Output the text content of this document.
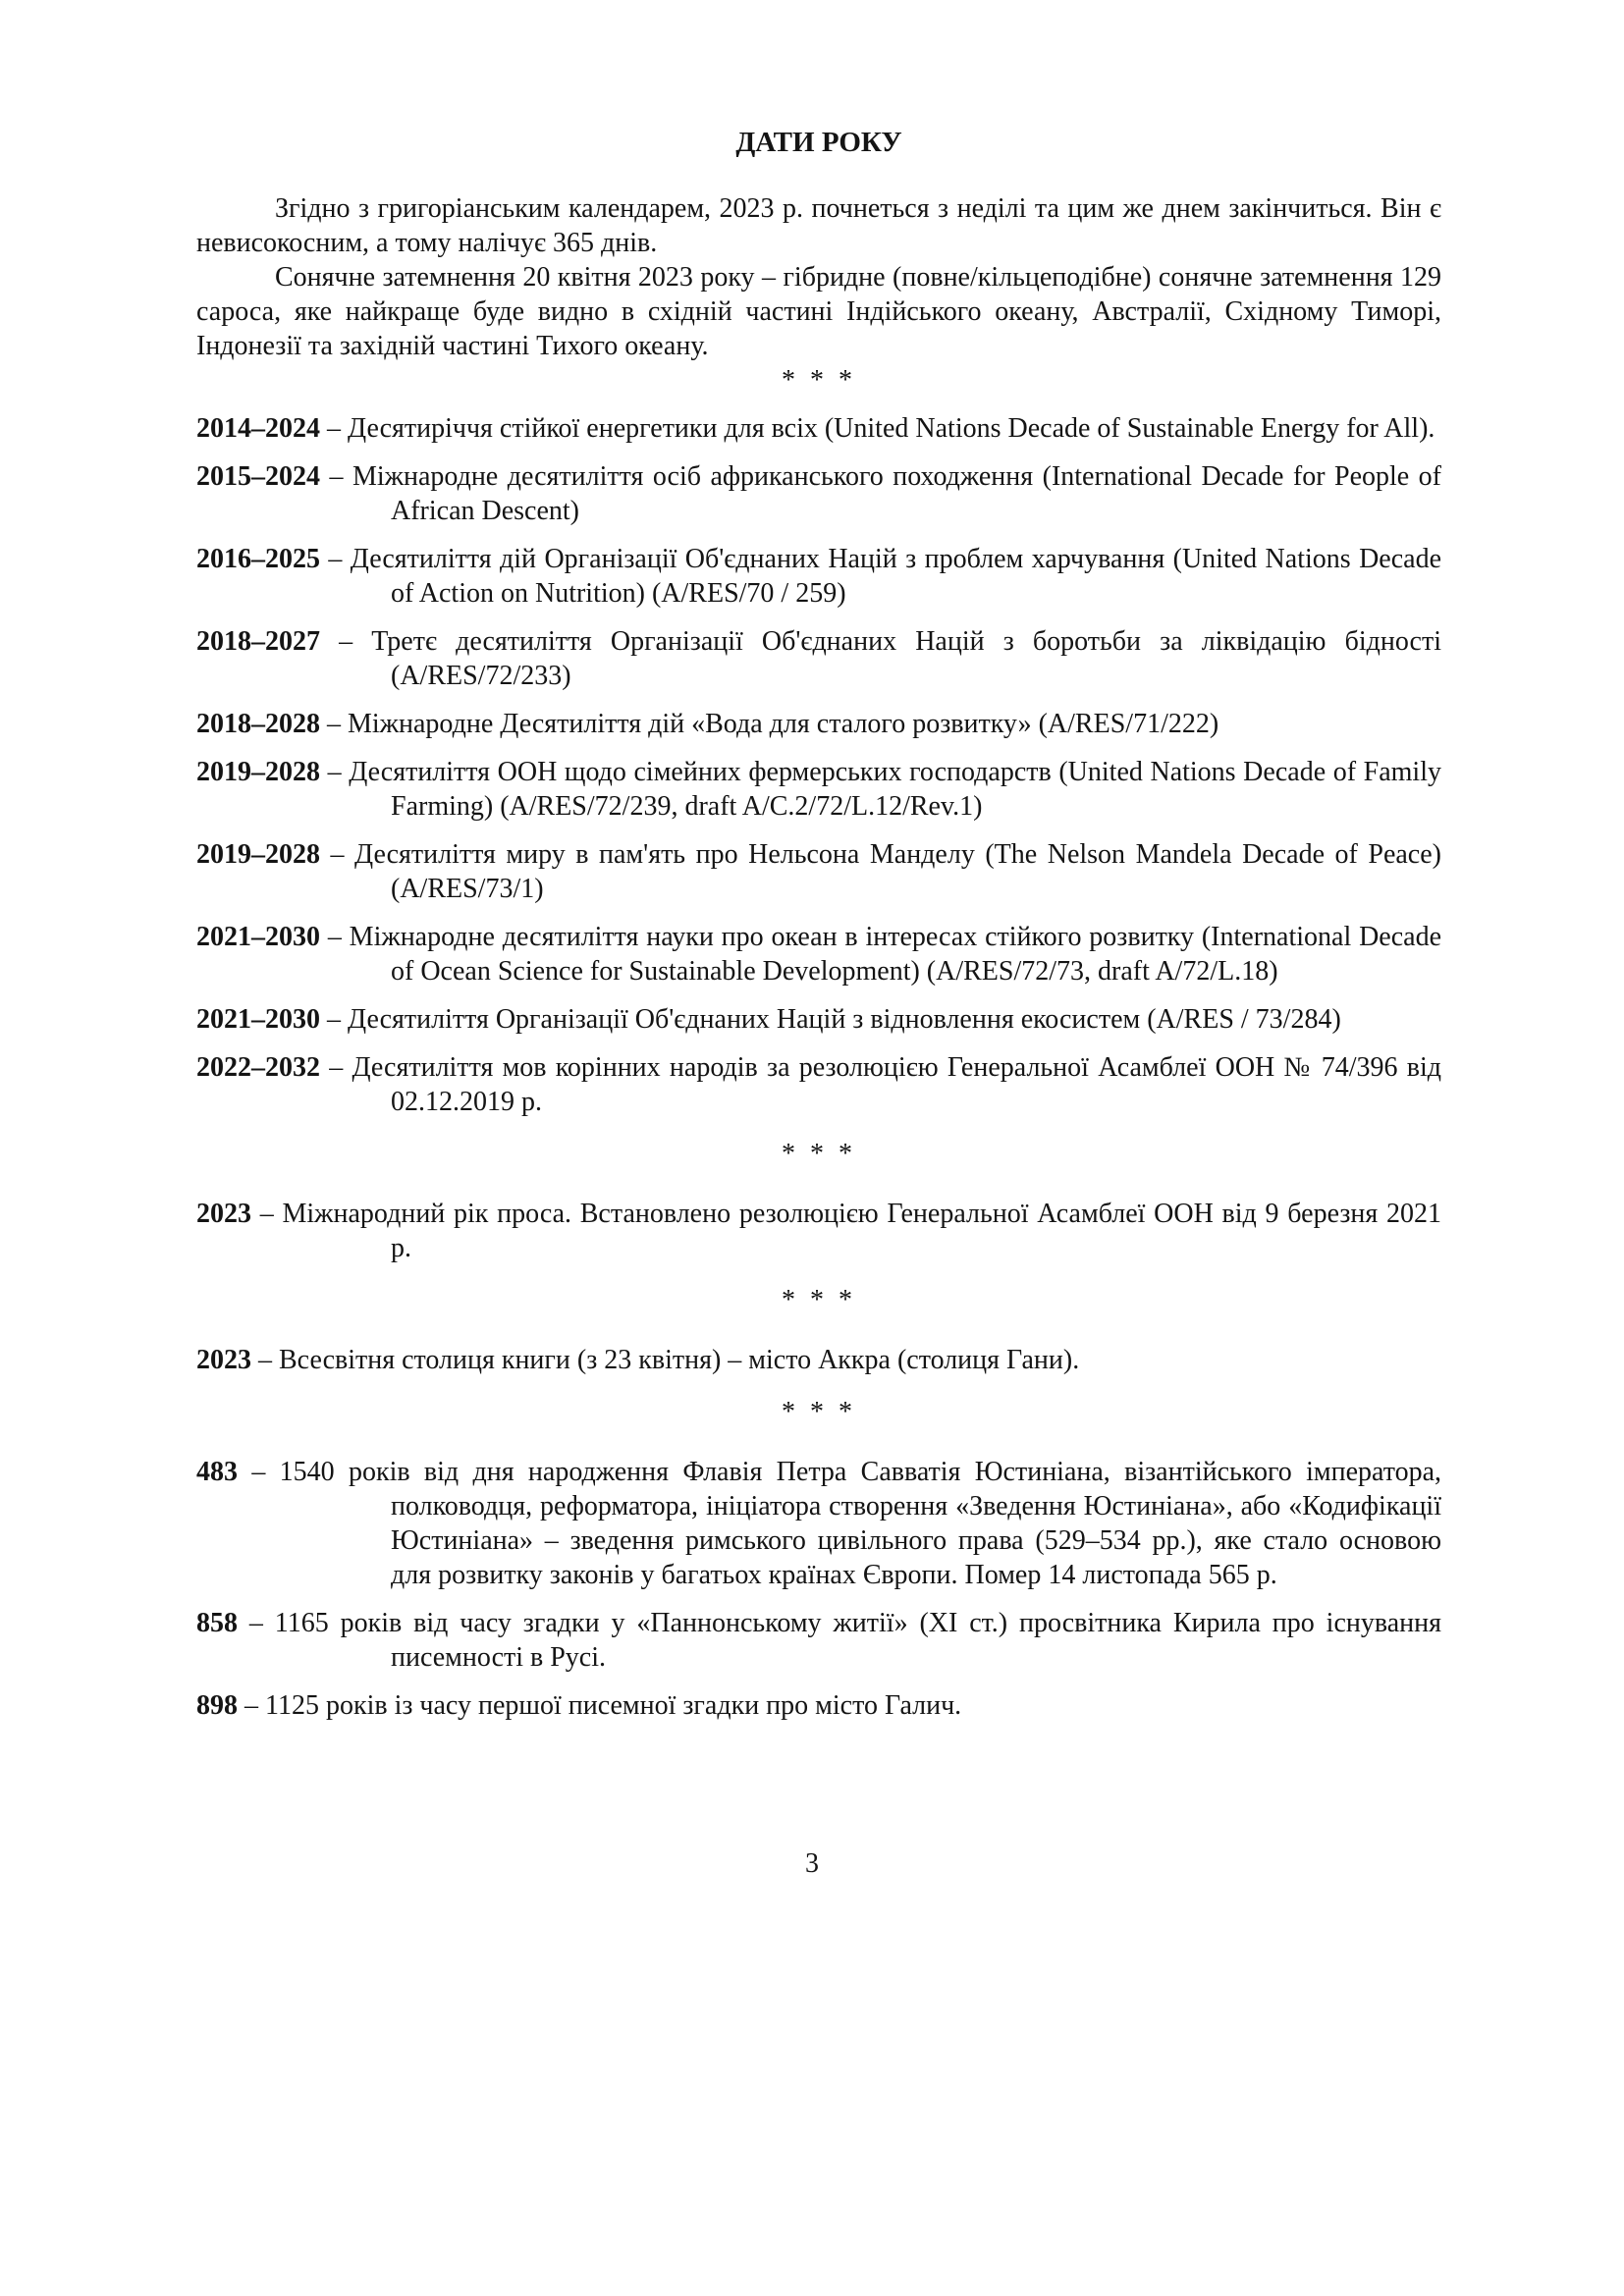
ДАТИ РОКУ

Згідно з григоріанським календарем, 2023 р. почнеться з неділі та цим же днем закінчиться. Він є невисокосним, а тому налічує 365 днів.

Сонячне затемнення 20 квітня 2023 року – гібридне (повне/кільцеподібне) сонячне затемнення 129 сароса, яке найкраще буде видно в східній частині Індійського океану, Австралії, Східному Тиморі, Індонезії та західній частині Тихого океану.

* * *
2014–2024 – Десятиріччя стійкої енергетики для всіх (United Nations Decade of Sustainable Energy for All).
2015–2024 – Міжнародне десятиліття осіб африканського походження (International Decade for People of African Descent)
2016–2025 – Десятиліття дій Організації Об'єднаних Націй з проблем харчування (United Nations Decade of Action on Nutrition) (A/RES/70 / 259)
2018–2027 – Третє десятиліття Організації Об'єднаних Націй з боротьби за ліквідацію бідності (A/RES/72/233)
2018–2028 – Міжнародне Десятиліття дій «Вода для сталого розвитку» (A/RES/71/222)
2019–2028 – Десятиліття ООН щодо сімейних фермерських господарств (United Nations Decade of Family Farming) (A/RES/72/239, draft A/C.2/72/L.12/Rev.1)
2019–2028 – Десятиліття миру в пам'ять про Нельсона Манделу (The Nelson Mandela Decade of Peace) (A/RES/73/1)
2021–2030 – Міжнародне десятиліття науки про океан в інтересах стійкого розвитку (International Decade of Ocean Science for Sustainable Development) (A/RES/72/73, draft A/72/L.18)
2021–2030 – Десятиліття Організації Об'єднаних Націй з відновлення екосистем (A/RES / 73/284)
2022–2032 – Десятиліття мов корінних народів за резолюцією Генеральної Асамблеї ООН № 74/396 від 02.12.2019 р.
* * *
2023 – Міжнародний рік проса. Встановлено резолюцією Генеральної Асамблеї ООН від 9 березня 2021 р.
* * *
2023 – Всесвітня столиця книги (з 23 квітня) – місто Аккра (столиця Гани).
* * *
483 – 1540 років від дня народження Флавія Петра Савватія Юстиніана, візантійського імператора, полководця, реформатора, ініціатора створення «Зведення Юстиніана», або «Кодифікації Юстиніана» – зведення римського цивільного права (529–534 рр.), яке стало основою для розвитку законів у багатьох країнах Європи. Помер 14 листопада 565 р.
858 – 1165 років від часу згадки у «Паннонському житії» (XI ст.) просвітника Кирила про існування писемності в Русі.
898 – 1125 років із часу першої писемної згадки про місто Галич.
3
